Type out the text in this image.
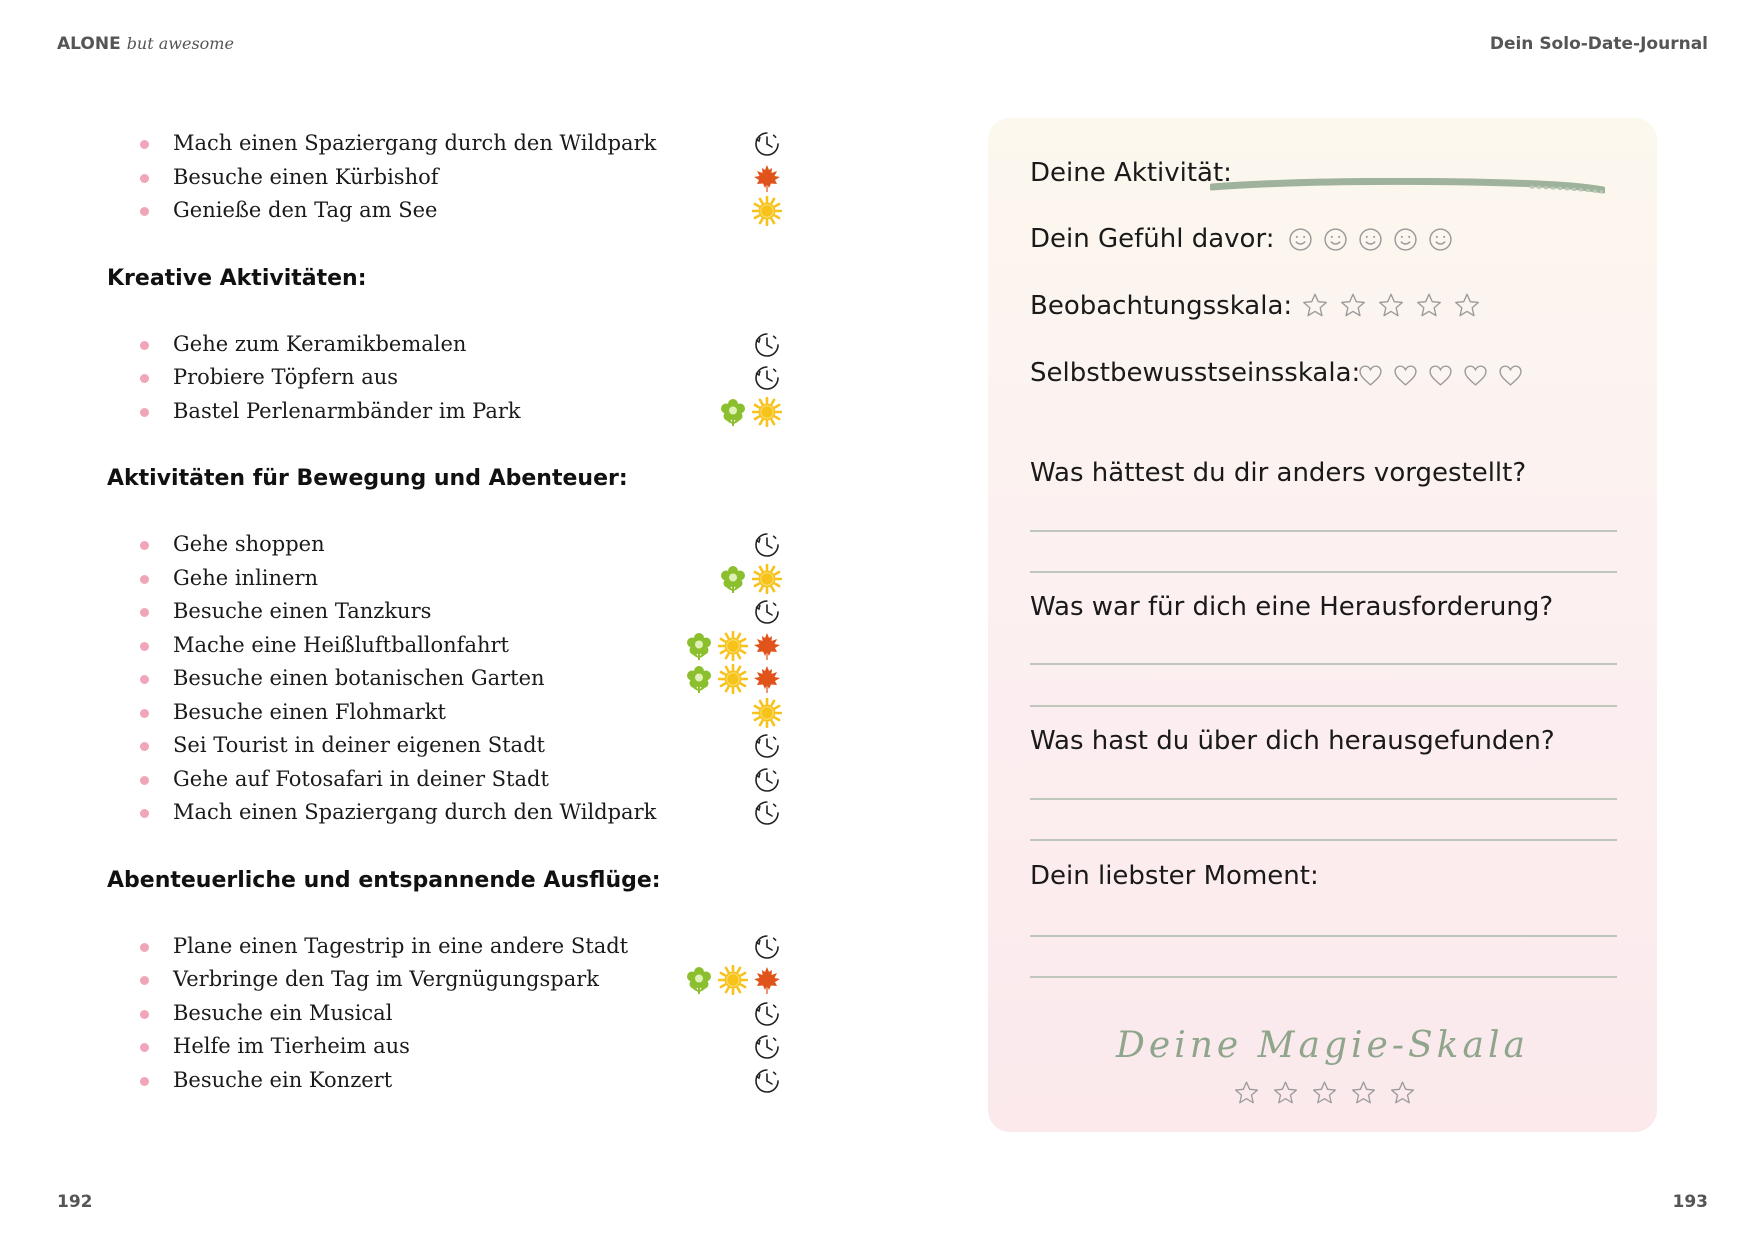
ALONE but awesome	Dein Solo-Date-Journal
Mach einen Spaziergang durch den Wildpark
Besuche einen Kürbishof
Genieße den Tag am See
Kreative Aktivitäten:
Gehe zum Keramikbemalen
Probiere Töpfern aus
Bastel Perlenarmbänder im Park
Aktivitäten für Bewegung und Abenteuer:
Gehe shoppen
Gehe inlinern
Besuche einen Tanzkurs
Mache eine Heißluftballonfahrt
Besuche einen botanischen Garten
Besuche einen Flohmarkt
Sei Tourist in deiner eigenen Stadt
Gehe auf Fotosafari in deiner Stadt
Mach einen Spaziergang durch den Wildpark
Abenteuerliche und entspannende Ausflüge:
Plane einen Tagestrip in eine andere Stadt
Verbringe den Tag im Vergnügungspark
Besuche ein Musical
Helfe im Tierheim aus
Besuche ein Konzert
Deine Aktivität:
Dein Gefühl davor:
Beobachtungsskala:
Selbstbewusstseinsskala:
Was hättest du dir anders vorgestellt?
Was war für dich eine Herausforderung?
Was hast du über dich herausgefunden?
Dein liebster Moment:
Deine Magie-Skala
192	193
